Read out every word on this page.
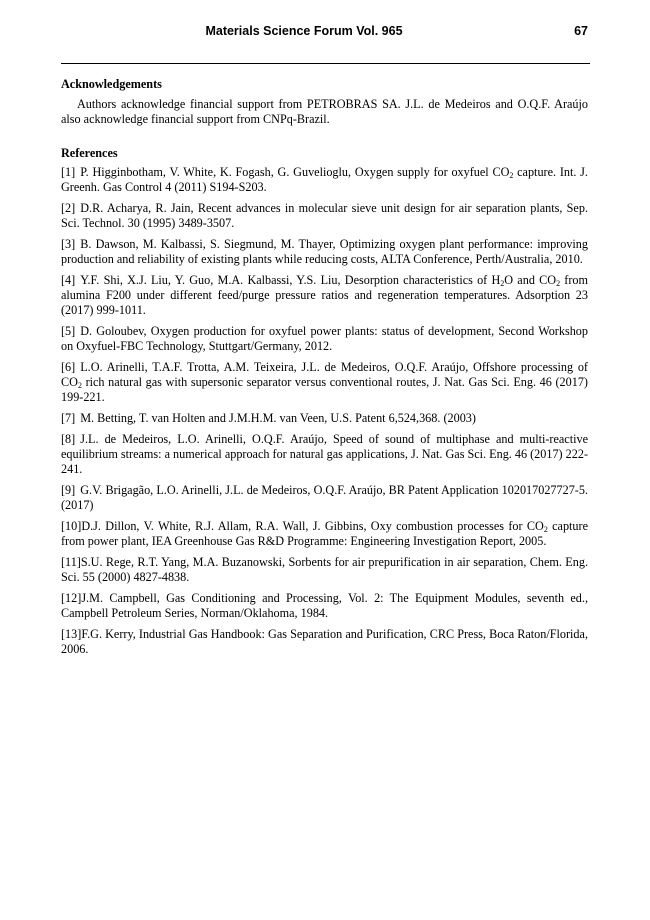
Materials Science Forum Vol. 965	67
Acknowledgements

Authors acknowledge financial support from PETROBRAS SA. J.L. de Medeiros and O.Q.F. Araújo also acknowledge financial support from CNPq-Brazil.

References

[1] P. Higginbotham, V. White, K. Fogash, G. Guvelioglu, Oxygen supply for oxyfuel $CO_2$ capture. Int. J. Greenh. Gas Control 4 (2011) S194-S203.

[2] D.R. Acharya, R. Jain, Recent advances in molecular sieve unit design for air separation plants, Sep. Sci. Technol. 30 (1995) 3489-3507.

[3] B. Dawson, M. Kalbassi, S. Siegmund, M. Thayer, Optimizing oxygen plant performance: improving production and reliability of existing plants while reducing costs, ALTA Conference, Perth/Australia, 2010.

[4] Y.F. Shi, X.J. Liu, Y. Guo, M.A. Kalbassi, Y.S. Liu, Desorption characteristics of $H_2O$ and $CO_2$ from alumina F200 under different feed/purge pressure ratios and regeneration temperatures. Adsorption 23 (2017) 999-1011.

[5] D. Goloubev, Oxygen production for oxyfuel power plants: status of development, Second Workshop on Oxyfuel-FBC Technology, Stuttgart/Germany, 2012.

[6] L.O. Arinelli, T.A.F. Trotta, A.M. Teixeira, J.L. de Medeiros, O.Q.F. Araújo, Offshore processing of $CO_2$ rich natural gas with supersonic separator versus conventional routes, J. Nat. Gas Sci. Eng. 46 (2017) 199-221.

[7] M. Betting, T. van Holten and J.M.H.M. van Veen, U.S. Patent 6,524,368. (2003)

[8] J.L. de Medeiros, L.O. Arinelli, O.Q.F. Araújo, Speed of sound of multiphase and multi-reactive equilibrium streams: a numerical approach for natural gas applications, J. Nat. Gas Sci. Eng. 46 (2017) 222-241.

[9] G.V. Brigagão, L.O. Arinelli, J.L. de Medeiros, O.Q.F. Araújo, BR Patent Application 102017027727-5. (2017)

[10]D.J. Dillon, V. White, R.J. Allam, R.A. Wall, J. Gibbins, Oxy combustion processes for $CO_2$ capture from power plant, IEA Greenhouse Gas R&D Programme: Engineering Investigation Report, 2005.

[11]S.U. Rege, R.T. Yang, M.A. Buzanowski, Sorbents for air prepurification in air separation, Chem. Eng. Sci. 55 (2000) 4827-4838.

[12]J.M. Campbell, Gas Conditioning and Processing, Vol. 2: The Equipment Modules, seventh ed., Campbell Petroleum Series, Norman/Oklahoma, 1984.

[13]F.G. Kerry, Industrial Gas Handbook: Gas Separation and Purification, CRC Press, Boca Raton/Florida, 2006.
